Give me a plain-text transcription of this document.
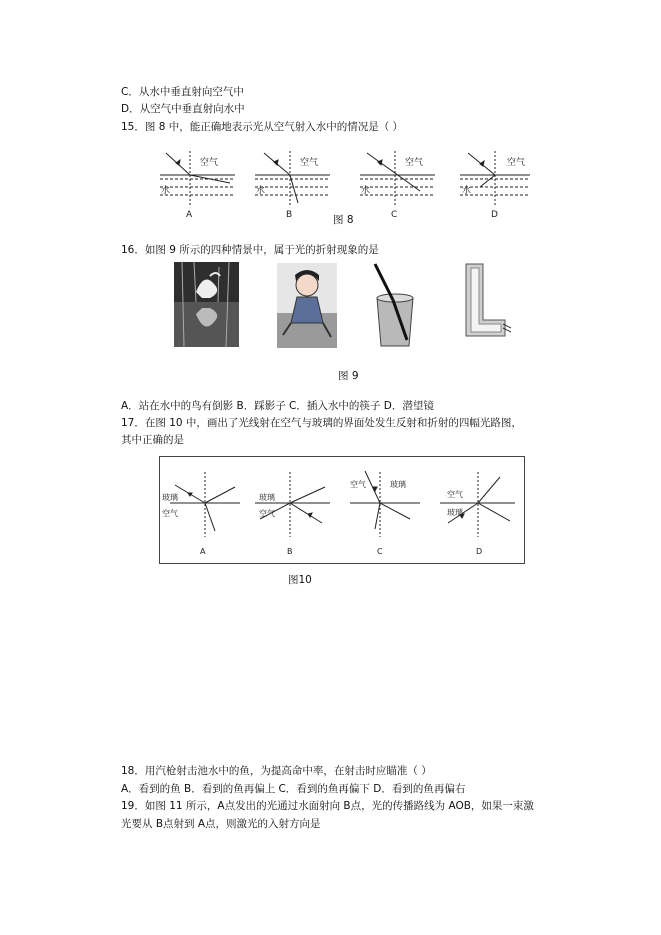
C．从水中垂直射向空气中
D．从空气中垂直射向水中
15．图 8 中，能正确地表示光从空气射入水中的情况是（ ）
空气	空气	空气	空气
水	水	水	水
A	B	C	D
图 8
16．如图 9 所示的四种情景中，属于光的折射现象的是
图 9
A．站在水中的鸟有倒影 B．踩影子 C．插入水中的筷子 D．潜望镜
17．在图 10 中，画出了光线射在空气与玻璃的界面处发生反射和折射的四幅光路图，
其中正确的是
玻璃
空气
玻璃
空气
空气	玻璃
空气
玻璃
A	B	C	D
图10
18．用汽枪射击池水中的鱼，为提高命中率，在射击时应瞄准（ ）
A．看到的鱼 B．看到的鱼再偏上 C．看到的鱼再偏下 D．看到的鱼再偏右
19．如图 11 所示，A点发出的光通过水面射向 B点，光的传播路线为 AOB，如果一束激
光要从 B点射到 A点，则激光的入射方向是
